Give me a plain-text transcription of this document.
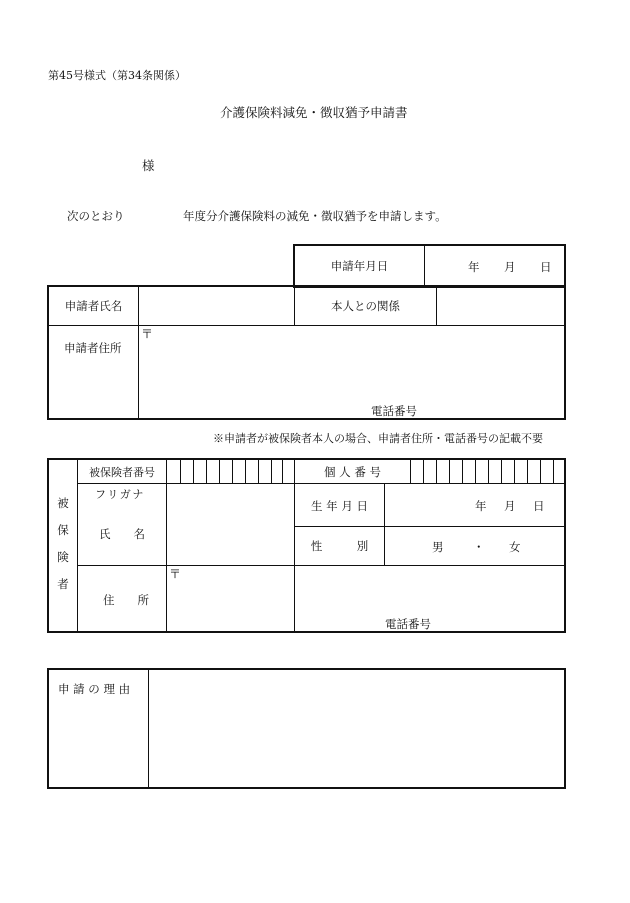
第45号様式（第34条関係）
介護保険料減免・徴収猶予申請書
様
次のとおり	年度分介護保険料の減免・徴収猶予を申請します。
申請年月日	年 月 日
申請者氏名	本人との関係
申請者住所
〒
電話番号
※申請者が被保険者本人の場合、申請者住所・電話番号の記載不要
被
保
険
者
被保険者番号	個 人 番 号
フリガナ
氏　　名
生 年 月 日	年 月 日
性　　　別	男	・ 女
住　　所
〒
電話番号
申 請 の 理 由
